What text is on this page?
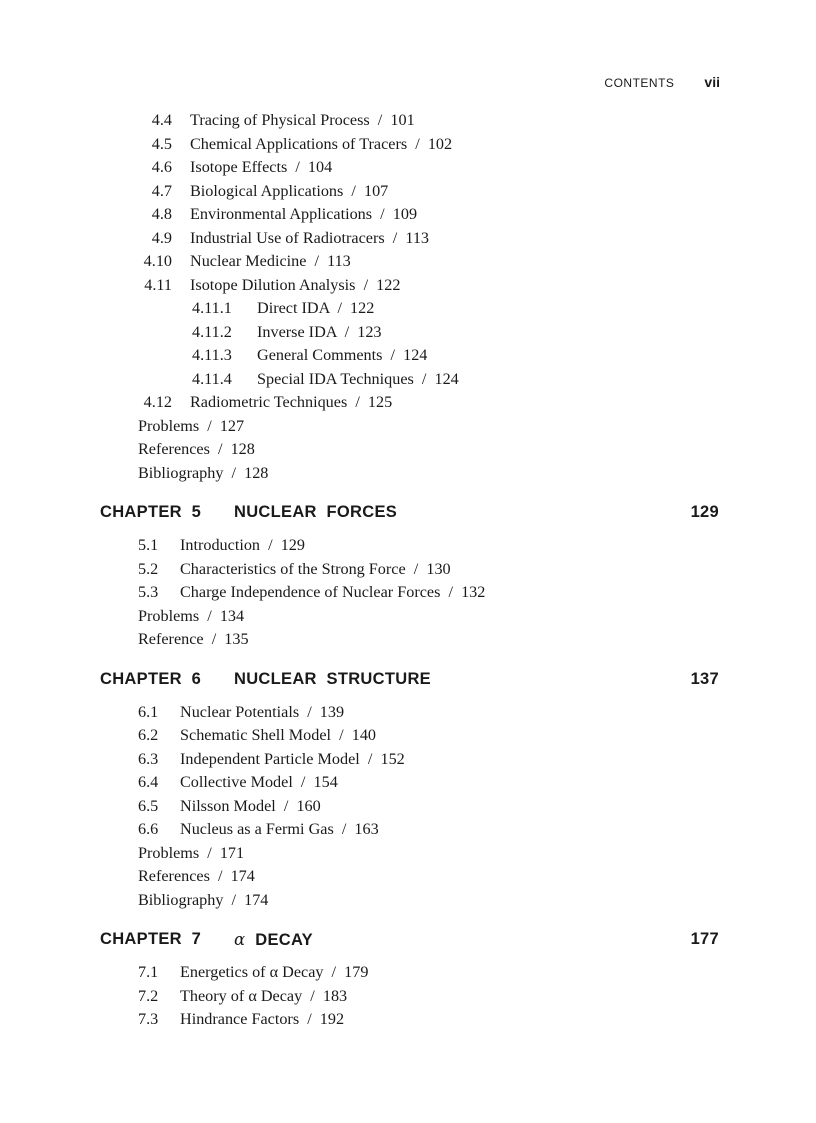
CONTENTS vii
4.4 Tracing of Physical Process  /  101
4.5 Chemical Applications of Tracers  /  102
4.6 Isotope Effects  /  104
4.7 Biological Applications  /  107
4.8 Environmental Applications  /  109
4.9 Industrial Use of Radiotracers  /  113
4.10 Nuclear Medicine  /  113
4.11 Isotope Dilution Analysis  /  122
4.11.1 Direct IDA  /  122
4.11.2 Inverse IDA  /  123
4.11.3 General Comments  /  124
4.11.4 Special IDA Techniques  /  124
4.12 Radiometric Techniques  /  125
Problems  /  127
References  /  128
Bibliography  /  128
CHAPTER  5 NUCLEAR  FORCES	129
5.1 Introduction  /  129
5.2 Characteristics of the Strong Force  /  130
5.3 Charge Independence of Nuclear Forces  /  132
Problems  /  134
Reference  /  135
CHAPTER  6 NUCLEAR  STRUCTURE	137
6.1 Nuclear Potentials  /  139
6.2 Schematic Shell Model  /  140
6.3 Independent Particle Model  /  152
6.4 Collective Model  /  154
6.5 Nilsson Model  /  160
6.6 Nucleus as a Fermi Gas  /  163
Problems  /  171
References  /  174
Bibliography  /  174
CHAPTER  7 α DECAY	177
7.1 Energetics of α Decay  /  179
7.2 Theory of α Decay  /  183
7.3 Hindrance Factors  /  192
